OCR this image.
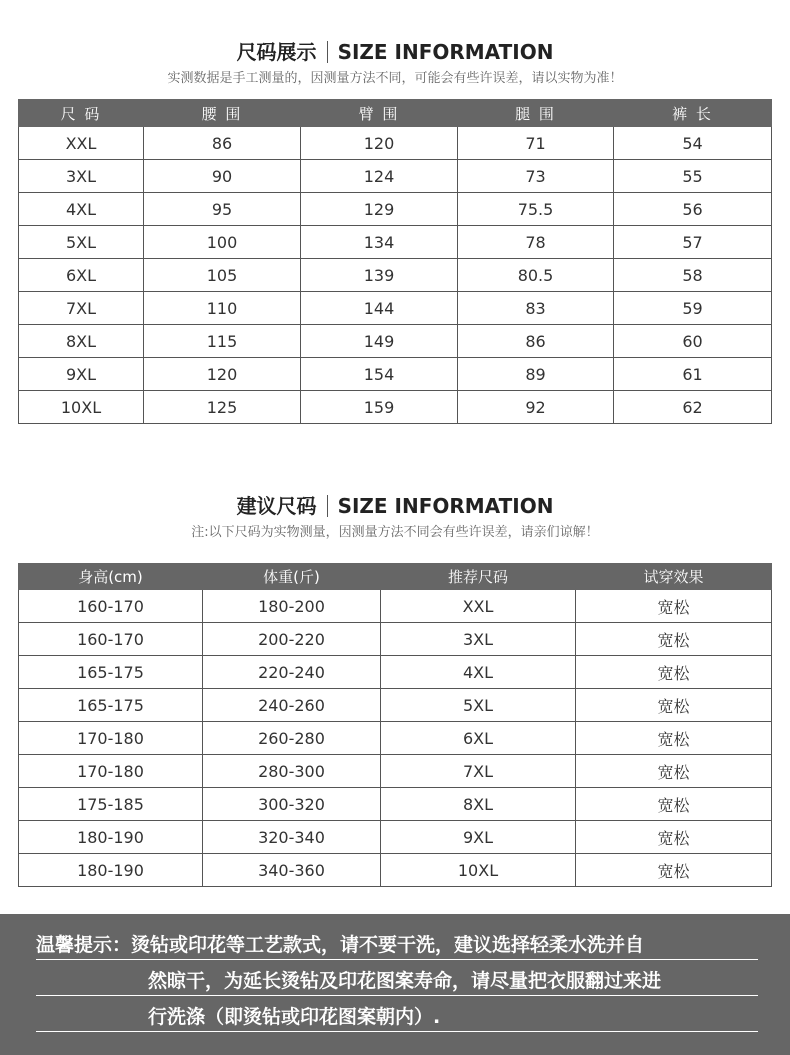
尺码展示 SIZE INFORMATION
实测数据是手工测量的，因测量方法不同，可能会有些许误差，请以实物为准！
尺 码	腰 围	臂 围	腿 围	裤 长
XXL	86	120	71	54
3XL	90	124	73	55
4XL	95	129	75.5	56
5XL	100	134	78	57
6XL	105	139	80.5	58
7XL	110	144	83	59
8XL	115	149	86	60
9XL	120	154	89	61
10XL	125	159	92	62
建议尺码 SIZE INFORMATION
注:以下尺码为实物测量，因测量方法不同会有些许误差，请亲们谅解！
身高(cm)	体重(斤)	推荐尺码	试穿效果
160-170	180-200	XXL	宽松
160-170	200-220	3XL	宽松
165-175	220-240	4XL	宽松
165-175	240-260	5XL	宽松
170-180	260-280	6XL	宽松
170-180	280-300	7XL	宽松
175-185	300-320	8XL	宽松
180-190	320-340	9XL	宽松
180-190	340-360	10XL	宽松
温馨提示：烫钻或印花等工艺款式，请不要干洗，建议选择轻柔水洗并自
然晾干，为延长烫钻及印花图案寿命，请尽量把衣服翻过来进
行洗涤（即烫钻或印花图案朝内）.
